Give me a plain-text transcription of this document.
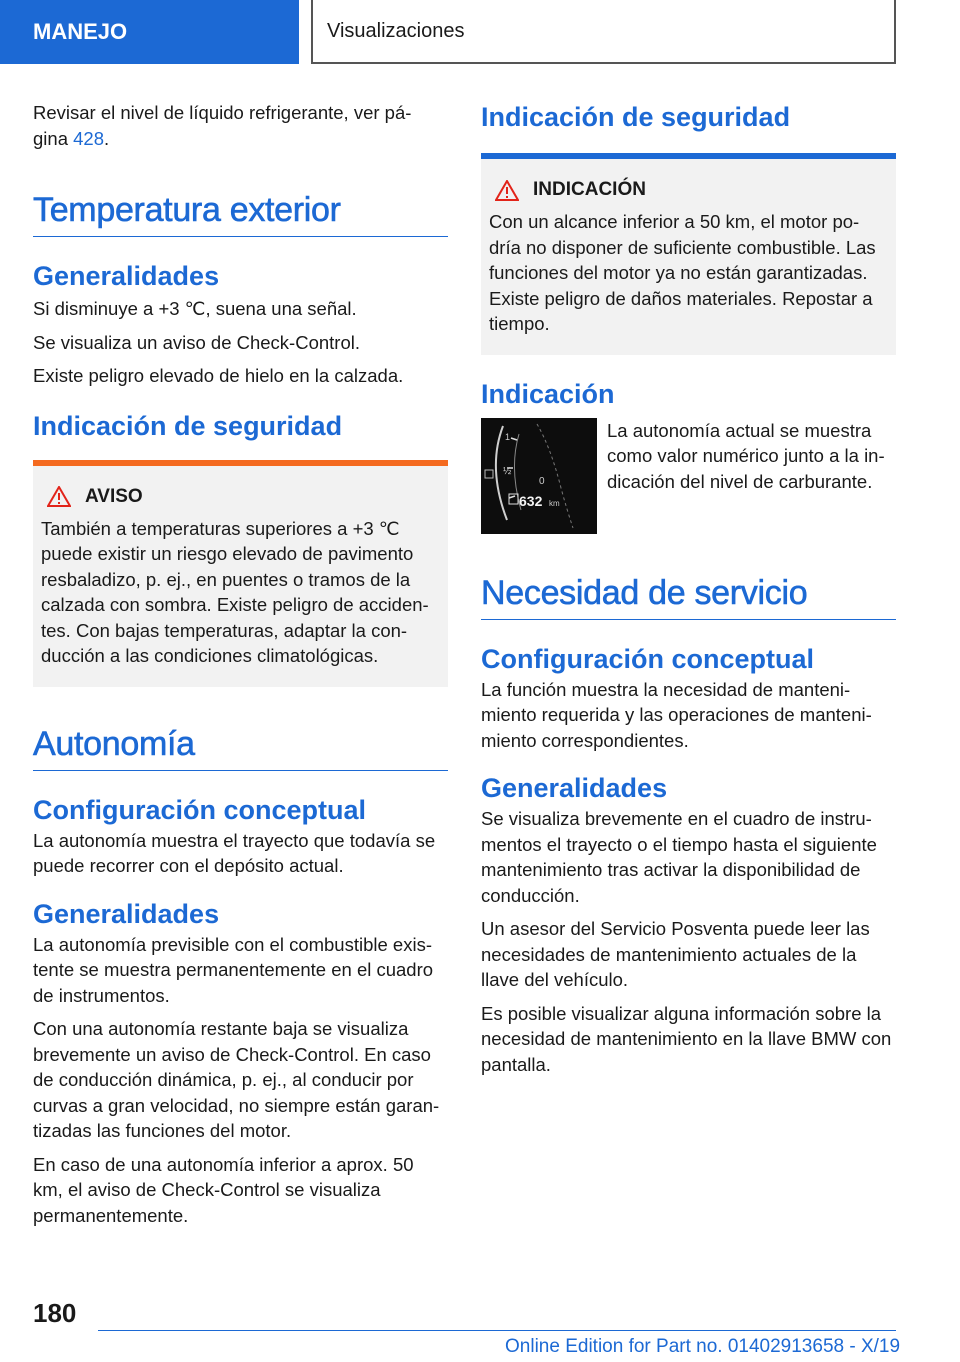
MANEJO	Visualizaciones

Revisar el nivel de líquido refrigerante, ver pá-
gina 428.

Temperatura exterior
Generalidades

Si disminuye a +3 ℃, suena una señal.

Se visualiza un aviso de Check-Control.

Existe peligro elevado de hielo en la calzada.

Indicación de seguridad
AVISO

También a temperaturas superiores a +3 ℃ puede existir un riesgo elevado de pavimento resbaladizo, p. ej., en puentes o tramos de la calzada con sombra. Existe peligro de acciden-tes. Con bajas temperaturas, adaptar la con-ducción a las condiciones climatológicas.

Autonomía
Configuración conceptual

La autonomía muestra el trayecto que todavía se puede recorrer con el depósito actual.

Generalidades

La autonomía previsible con el combustible exis-tente se muestra permanentemente en el cuadro de instrumentos.

Con una autonomía restante baja se visualiza brevemente un aviso de Check-Control. En caso de conducción dinámica, p. ej., al conducir por curvas a gran velocidad, no siempre están garan-tizadas las funciones del motor.

En caso de una autonomía inferior a aprox. 50 km, el aviso de Check-Control se visualiza permanentemente.

Indicación de seguridad
INDICACIÓN

Con un alcance inferior a 50 km, el motor po-dría no disponer de suficiente combustible. Las funciones del motor ya no están garantizadas. Existe peligro de daños materiales. Repostar a tiempo.

Indicación
1
½
0
632 km

La autonomía actual se muestra como valor numérico junto a la in-dicación del nivel de carburante.

Necesidad de servicio
Configuración conceptual

La función muestra la necesidad de manteni-miento requerida y las operaciones de manteni-miento correspondientes.

Generalidades

Se visualiza brevemente en el cuadro de instru-mentos el trayecto o el tiempo hasta el siguiente mantenimiento tras activar la disponibilidad de conducción.

Un asesor del Servicio Posventa puede leer las necesidades de mantenimiento actuales de la llave del vehículo.

Es posible visualizar alguna información sobre la necesidad de mantenimiento en la llave BMW con pantalla.

180
Online Edition for Part no. 01402913658 - X/19
